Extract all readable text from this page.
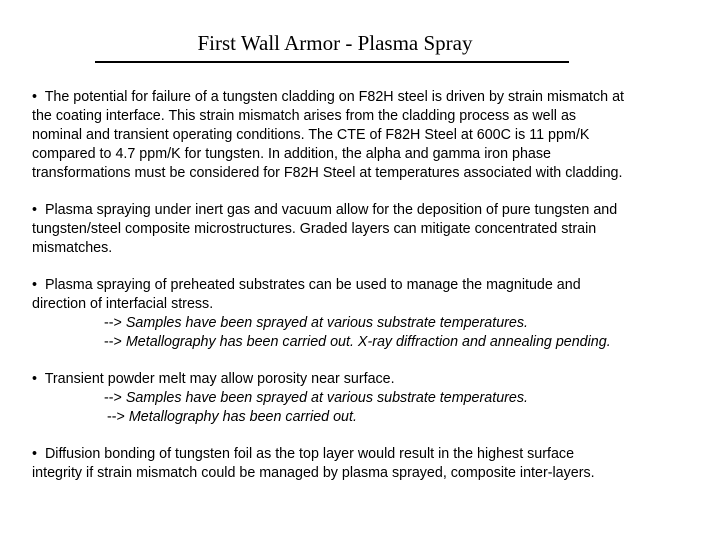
First Wall Armor - Plasma Spray

• The potential for failure of a tungsten cladding on F82H steel is driven by strain mismatch at

the coating interface. This strain mismatch arises from the cladding process as well as

nominal and transient operating conditions. The CTE of F82H Steel at 600C is 11 ppm/K

compared to 4.7 ppm/K for tungsten. In addition, the alpha and gamma iron phase

transformations must be considered for F82H Steel at temperatures associated with cladding.

• Plasma spraying under inert gas and vacuum allow for the deposition of pure tungsten and

tungsten/steel composite microstructures. Graded layers can mitigate concentrated strain

mismatches.

• Plasma spraying of preheated substrates can be used to manage the magnitude and

direction of interfacial stress.

--> Samples have been sprayed at various substrate temperatures.

--> Metallography has been carried out. X-ray diffraction and annealing pending.

• Transient powder melt may allow porosity near surface.

--> Samples have been sprayed at various substrate temperatures.

--> Metallography has been carried out.

• Diffusion bonding of tungsten foil as the top layer would result in the highest surface

integrity if strain mismatch could be managed by plasma sprayed, composite inter-layers.
